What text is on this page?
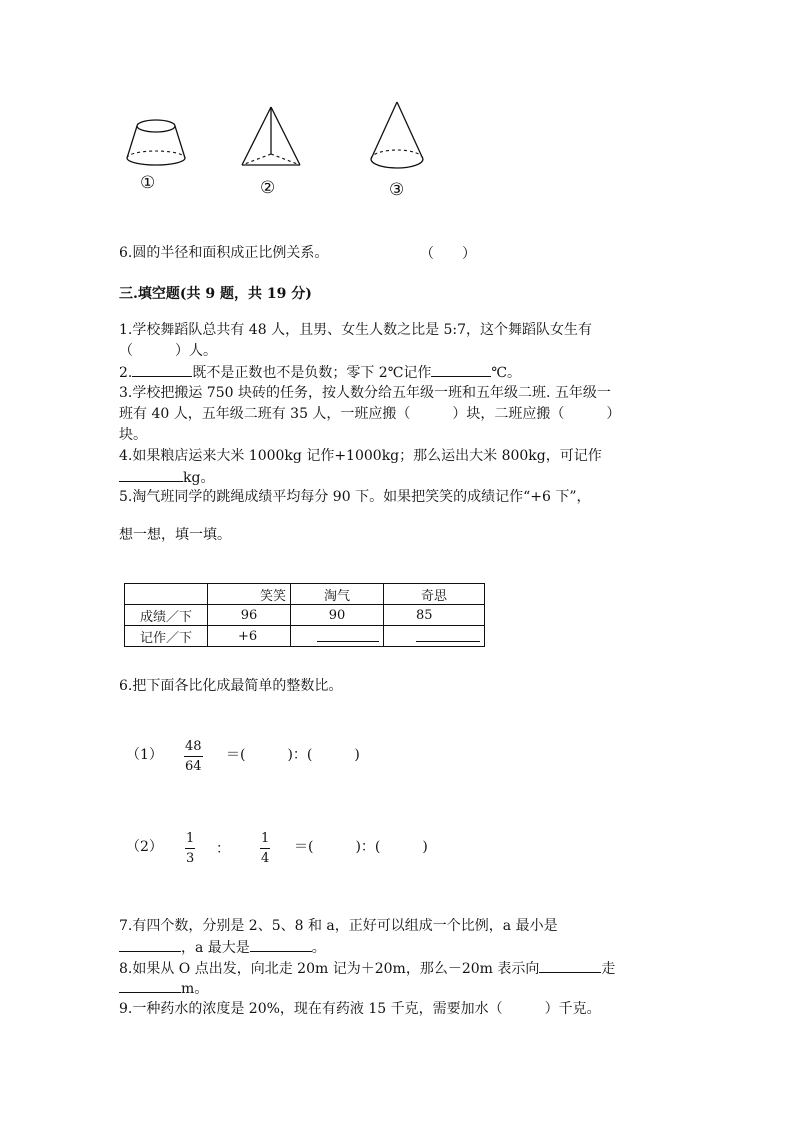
①	②	③
6.圆的半径和面积成正比例关系。	（　　）
三.填空题(共 9 题，共 19 分)
1.学校舞蹈队总共有 48 人，且男、女生人数之比是 5:7，这个舞蹈队女生有
（　　　）人。
2.	既不是正数也不是负数；零下 2℃记作	℃。
3.学校把搬运 750 块砖的任务，按人数分给五年级一班和五年级二班. 五年级一
班有 40 人，五年级二班有 35 人，一班应搬（　　　）块，二班应搬（　　　）
块。
4.如果粮店运来大米 1000kg 记作+1000kg；那么运出大米 800kg，可记作
kg。
5.淘气班同学的跳绳成绩平均每分 90 下。如果把笑笑的成绩记作“+6 下”，
想一想，填一填。
	笑笑	淘气	奇思
成绩／下	96	90	85
记作／下	+6		
6.把下面各比化成最简单的整数比。
（1）
48
64
＝(　　　)：(　　　)
（2）
1
3
：
1
4
＝(　　　)：(　　　)
7.有四个数，分别是 2、5、8 和 a，正好可以组成一个比例，a 最小是
，a 最大是	。
8.如果从 O 点出发，向北走 20m 记为＋20m，那么－20m 表示向	走
m。
9.一种药水的浓度是 20%，现在有药液 15 千克，需要加水（　　　）千克。
